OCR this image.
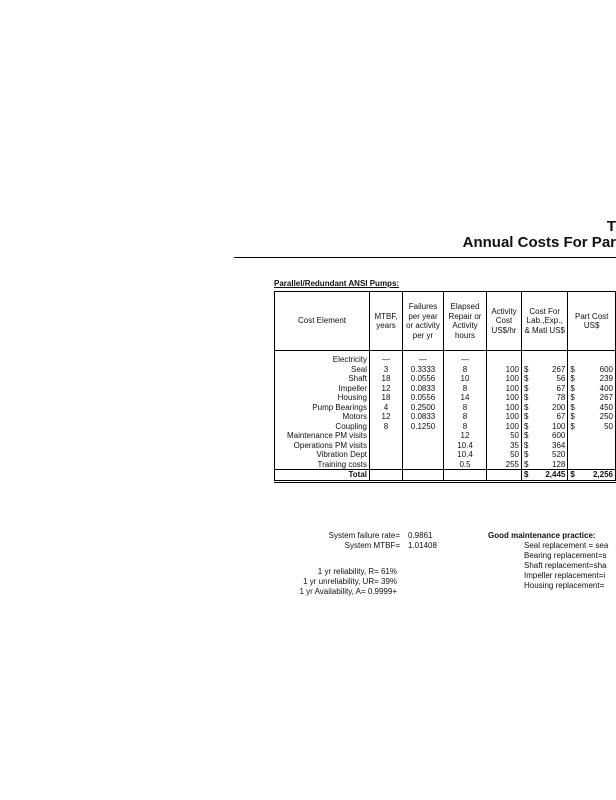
T
Annual Costs For Par
Parallel/Redundant ANSI Pumps:
Cost Element	MTBF, years	Failures per year or activity per yr	Elapsed Repair or Activity hours	Activity Cost US$/hr	Cost For Lab.,Exp., & Matl US$		Part Cost US$	
Electricity	—	—	—					
Seal	3	0.3333	8	100	$	267	$	600
Shaft	18	0.0556	10	100	$	56	$	239
Impeller	12	0.0833	8	100	$	67	$	400
Housing	18	0.0556	14	100	$	78	$	267
Pump Bearings	4	0.2500	8	100	$	200	$	450
Motors	12	0.0833	8	100	$	67	$	250
Coupling	8	0.1250	8	100	$	100	$	50
Maintenance PM visits			12	50	$	600		
Operations PM visits			10.4	35	$	364		
Vibration Dept			10.4	50	$	520		
Training costs			0.5	255	$	128		
Total					$	2,445	$	2,256
System failure rate=	0.9861
System MTBF=	1.01408
1 yr reliability, R= 61%
1 yr unreliability, UR= 39%
1 yr Availability, A= 0.9999+
Good maintenance practice:
Seal replacement = sea
Bearing replacement=s
Shaft replacement=sha
Impeller replacement=i
Housing replacement=
